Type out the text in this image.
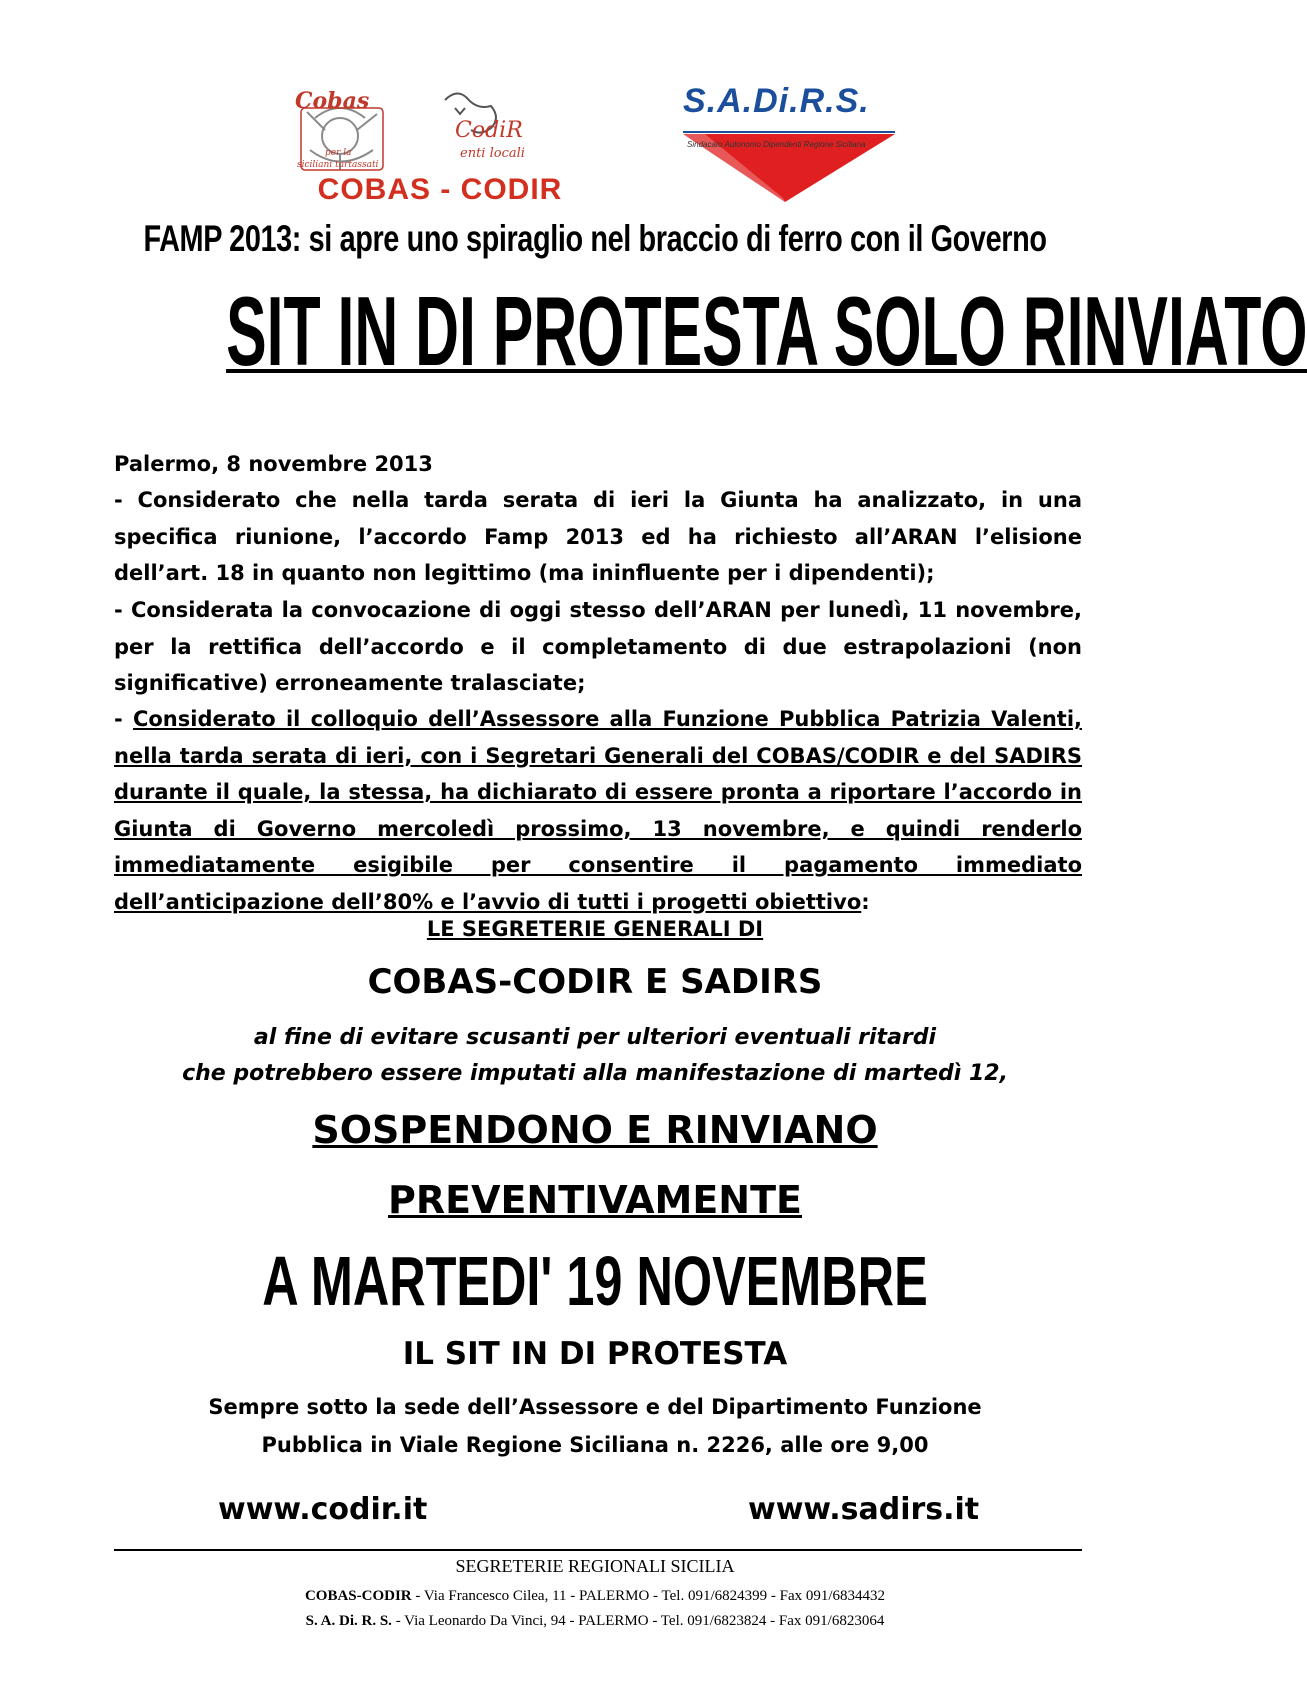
Cobas
per la
siciliani tartassati
CodiR
enti locali
COBAS - CODIR
S.A.Di.R.S.
Sindacato Autonomo Dipendenti Regione Siciliana
FAMP 2013: si apre uno spiraglio nel braccio di ferro con il Governo
SIT IN DI PROTESTA SOLO RINVIATO
Palermo, 8 novembre 2013

- Considerato che nella tarda serata di ieri la Giunta ha analizzato, in una specifica riunione, l’accordo Famp 2013 ed ha richiesto all’ARAN l’elisione dell’art. 18 in quanto non legittimo (ma ininfluente per i dipendenti);

- Considerata la convocazione di oggi stesso dell’ARAN per lunedì, 11 novembre, per la rettifica dell’accordo e il completamento di due estrapolazioni (non significative) erroneamente tralasciate;

- Considerato il colloquio dell’Assessore alla Funzione Pubblica Patrizia Valenti, nella tarda serata di ieri, con i Segretari Generali del COBAS/CODIR e del SADIRS durante il quale, la stessa, ha dichiarato di essere pronta a riportare l’accordo in Giunta di Governo mercoledì prossimo, 13 novembre, e quindi renderlo immediatamente esigibile per consentire il pagamento immediato dell’anticipazione dell’80% e l’avvio di tutti i progetti obiettivo:

LE SEGRETERIE GENERALI DI
COBAS-CODIR E SADIRS
al fine di evitare scusanti per ulteriori eventuali ritardi
che potrebbero essere imputati alla manifestazione di martedì 12,
SOSPENDONO E RINVIANO
PREVENTIVAMENTE
A MARTEDI' 19 NOVEMBRE
IL SIT IN DI PROTESTA
Sempre sotto la sede dell’Assessore e del Dipartimento Funzione
Pubblica in Viale Regione Siciliana n. 2226, alle ore 9,00
www.codir.it	www.sadirs.it
SEGRETERIE REGIONALI SICILIA
COBAS-CODIR - Via Francesco Cilea, 11 - PALERMO - Tel. 091/6824399 - Fax 091/6834432
S. A. Di. R. S. - Via Leonardo Da Vinci, 94 - PALERMO - Tel. 091/6823824 - Fax 091/6823064
